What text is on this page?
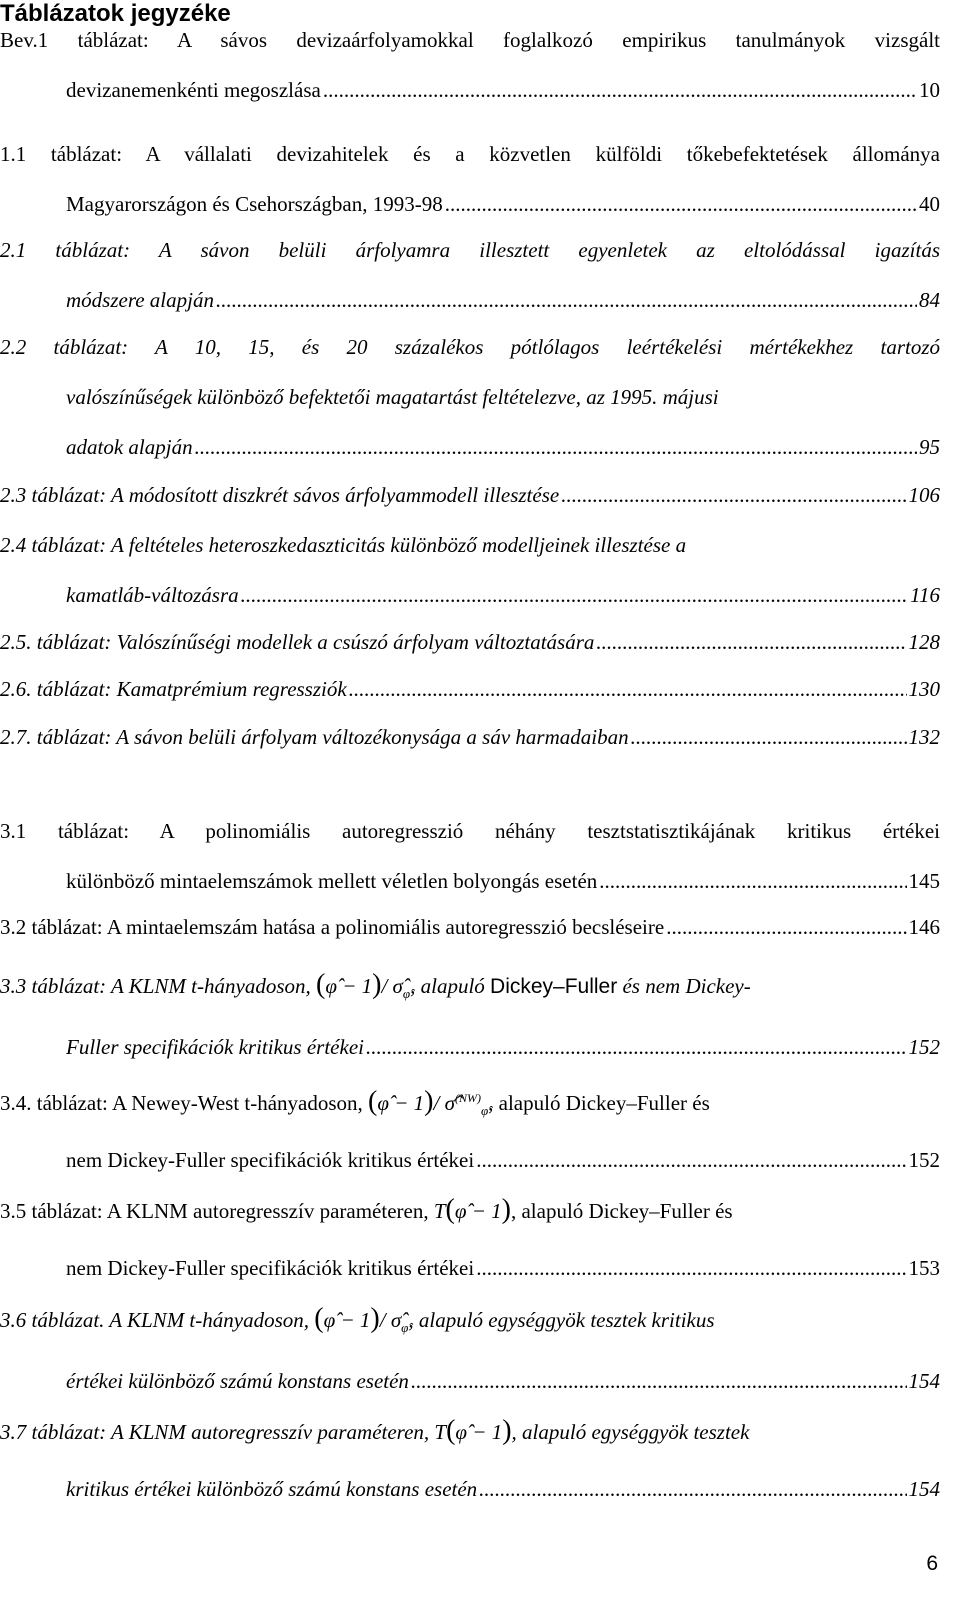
Táblázatok jegyzéke
Bev.1 táblázat: A sávos devizaárfolyamokkal foglalkozó empirikus tanulmányok vizsgált
devizanemenkénti megoszlása .....	10
1.1 táblázat: A vállalati devizahitelek és a közvetlen külföldi tőkebefektetések állománya
Magyarországon és Csehországban, 1993-98 .....	40
2.1 táblázat: A sávon belüli árfolyamra illesztett egyenletek az eltolódással igazítás
módszere alapján .....	84
2.2 táblázat: A 10, 15, és 20 százalékos pótlólagos leértékelési mértékekhez tartozó
valószínűségek különböző befektetői magatartást feltételezve, az 1995. májusi
adatok alapján .....	95
2.3 táblázat: A módosított diszkrét sávos árfolyammodell illesztése .....	106
2.4 táblázat: A feltételes heteroszkedaszticitás különböző modelljeinek illesztése a
kamatláb-változásra .....	116
2.5. táblázat: Valószínűségi modellek a csúszó árfolyam változtatására .....	128
2.6. táblázat: Kamatprémium regressziók .....	130
2.7. táblázat: A sávon belüli árfolyam változékonysága a sáv harmadaiban .....	132
3.1 táblázat: A polinomiális autoregresszió néhány tesztstatisztikájának kritikus értékei
különböző mintaelemszámok mellett véletlen bolyongás esetén .....	145
3.2 táblázat: A mintaelemszám hatása a polinomiális autoregresszió becsléseire .....	146
3.3 táblázat: A KLNM t-hányadoson,
(φ̂ − 1)/ $\sigmâ_{\varphî}$ , alapuló
Dickey–Fuller
és nem Dickey-
Fuller specifikációk kritikus értékei .....	152
3.4. táblázat: A Newey-West t-hányadoson,
(φ̂ − 1)/ σ̂$^{(NW)}_{\varphî}$ , alapuló Dickey–Fuller és
nem Dickey-Fuller specifikációk kritikus értékei .....	152
3.5 táblázat: A KLNM autoregresszív paraméteren,
T(φ̂ − 1) , alapuló Dickey–Fuller és
nem Dickey-Fuller specifikációk kritikus értékei .....	153
3.6 táblázat. A KLNM t-hányadoson,
(φ̂ − 1)/ $\sigmâ_{\varphî}$ , alapuló egységgyök tesztek kritikus
értékei különböző számú konstans esetén .....	154
3.7 táblázat: A KLNM autoregresszív paraméteren,
T(φ̂ − 1) , alapuló egységgyök tesztek
kritikus értékei különböző számú konstans esetén .....	154
6
